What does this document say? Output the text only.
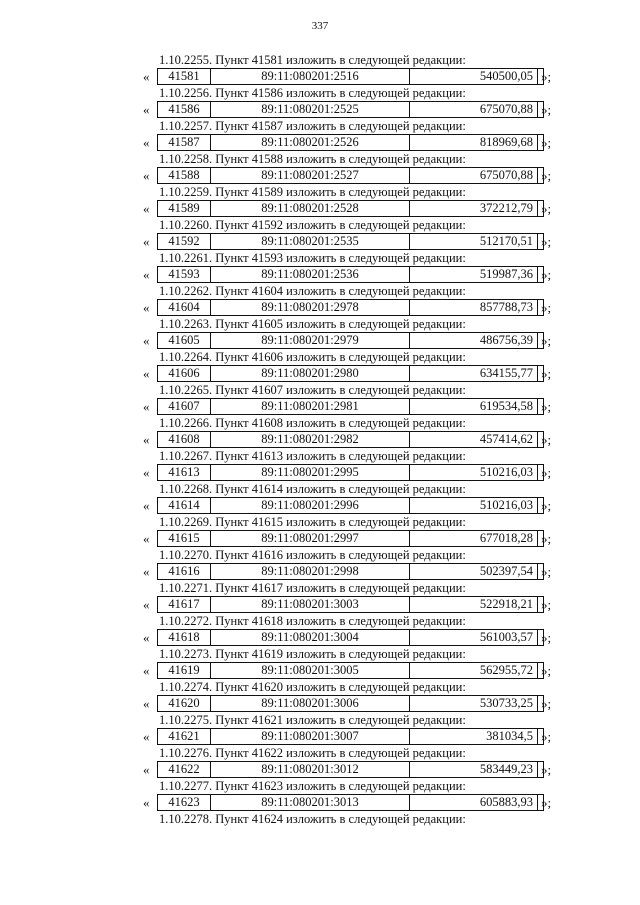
337
1.10.2255. Пункт 41581 изложить в следующей редакции:
«	41581	89:11:080201:2516	540500,05 »;
1.10.2256. Пункт 41586 изложить в следующей редакции:
«	41586	89:11:080201:2525	675070,88 »;
1.10.2257. Пункт 41587 изложить в следующей редакции:
«	41587	89:11:080201:2526	818969,68 »;
1.10.2258. Пункт 41588 изложить в следующей редакции:
«	41588	89:11:080201:2527	675070,88 »;
1.10.2259. Пункт 41589 изложить в следующей редакции:
«	41589	89:11:080201:2528	372212,79 »;
1.10.2260. Пункт 41592 изложить в следующей редакции:
«	41592	89:11:080201:2535	512170,51 »;
1.10.2261. Пункт 41593 изложить в следующей редакции:
«	41593	89:11:080201:2536	519987,36 »;
1.10.2262. Пункт 41604 изложить в следующей редакции:
«	41604	89:11:080201:2978	857788,73 »;
1.10.2263. Пункт 41605 изложить в следующей редакции:
«	41605	89:11:080201:2979	486756,39 »;
1.10.2264. Пункт 41606 изложить в следующей редакции:
«	41606	89:11:080201:2980	634155,77 »;
1.10.2265. Пункт 41607 изложить в следующей редакции:
«	41607	89:11:080201:2981	619534,58 »;
1.10.2266. Пункт 41608 изложить в следующей редакции:
«	41608	89:11:080201:2982	457414,62 »;
1.10.2267. Пункт 41613 изложить в следующей редакции:
«	41613	89:11:080201:2995	510216,03 »;
1.10.2268. Пункт 41614 изложить в следующей редакции:
«	41614	89:11:080201:2996	510216,03 »;
1.10.2269. Пункт 41615 изложить в следующей редакции:
«	41615	89:11:080201:2997	677018,28 »;
1.10.2270. Пункт 41616 изложить в следующей редакции:
«	41616	89:11:080201:2998	502397,54 »;
1.10.2271. Пункт 41617 изложить в следующей редакции:
«	41617	89:11:080201:3003	522918,21 »;
1.10.2272. Пункт 41618 изложить в следующей редакции:
«	41618	89:11:080201:3004	561003,57 »;
1.10.2273. Пункт 41619 изложить в следующей редакции:
«	41619	89:11:080201:3005	562955,72 »;
1.10.2274. Пункт 41620 изложить в следующей редакции:
«	41620	89:11:080201:3006	530733,25 »;
1.10.2275. Пункт 41621 изложить в следующей редакции:
«	41621	89:11:080201:3007	381034,5 »;
1.10.2276. Пункт 41622 изложить в следующей редакции:
«	41622	89:11:080201:3012	583449,23 »;
1.10.2277. Пункт 41623 изложить в следующей редакции:
«	41623	89:11:080201:3013	605883,93 »;
1.10.2278. Пункт 41624 изложить в следующей редакции:
